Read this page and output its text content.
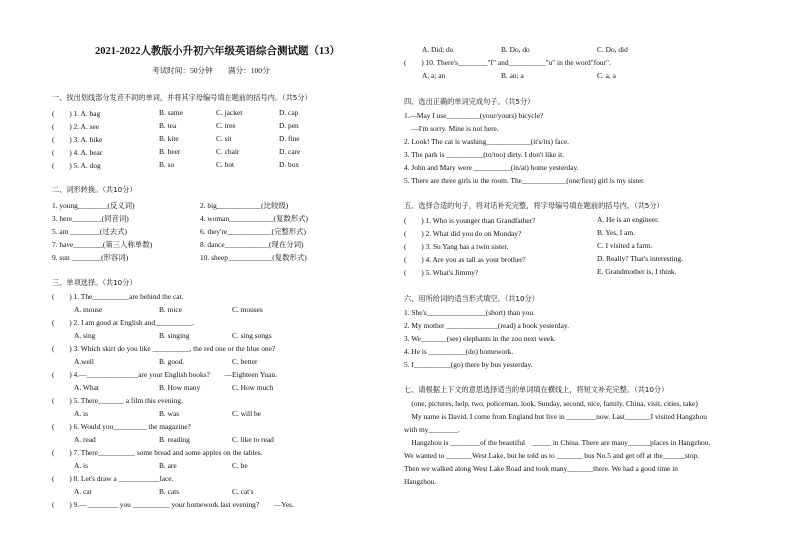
2021-2022人教版小升初六年级英语综合测试题（13）
考试时间：50分钟　　满分：100分
一、找出划线部分发音不同的单词，并将其字母编号填在题前的括号内。（共5分）
(　　) 1. A. bag	B. same	C. jacket	D. cap
(　　) 2. A. see	B. tea	C. tree	D. pen
(　　) 3. A. bike	B. kite	C. sit	D. fine
(　　) 4. A. bear	B. beer	C. chair	D. care
(　　) 5. A. dog	B. so	C. hot	D. box
二、词形转换。（共10分）
1. young________(反义词)	2. big____________(比较级)
3. here________(同音词)	4. woman____________(复数形式)
5. am ________(过去式)	6. they're____________(完整形式)
7. have________(第三人称单数)	8. dance____________(现在分词)
9. sun ________(形容词)	10. sheep____________(复数形式)
三、单项选择。（共10分）
(　　) 1. The__________are behind the cat.
A. mouse	B. mice	C. mouses
(　　) 2. I am good at English and__________.
A. sing	B. singing	C. sing songs
(　　) 3. Which skirt do you like __________, the red one or the blue one?
A.well	B. good.	C. better
(　　) 4.—______________are your English books?　　—Eighteen Yuan.
A. What	B. How many	C. How much
(　　) 5. There_______ a film this evening.
A. is	B. was	C. will be
(　　) 6. Would you_________ the magazine?
A. read	B. reading	C. like to read
(　　) 7. There__________ some bread and some apples on the tables.
A. is	B. are	C. be
(　　) 8. Let's draw a ___________face.
A. cat	B. cats	C. cat's
(　　) 9.— ________ you __________ your homework last evening?　　—Yes.
A. Did; do	B. Do, do	C. Do, did
(　　) 10. There's________"f" and__________"u" in the word"four".
A. a; an	B. an; a	C. a, a
四、选出正确的单词完成句子。（共5分）
1.—May I use_________(your/yours) bicycle?
　—I'm sorry. Mine is not here.
2. Look! The cat is washing____________(it's/its) face.
3. The park is __________(to/too) dirty. I don't like it.
4. John and Mary were __________(in/at) home yesterday.
5. There are three girls in the room. The____________(one/first) girl is my sister.
五、选择合适的句子，将对话补充完整，将字母编号填在题前的括号内。（共5分）
(　　) 1. Who is younger than Grandfather?	A. He is an engineer.
(　　) 2. What did you do on Monday?	B. Yes, I am.
(　　) 3. Su Yang has a twin sister.	C. I visited a farm.
(　　) 4. Are you as tall as your brother?	D. Really? That's interesting.
(　　) 5. What's Jimmy?	E. Grandmother is, I think.
六、用所给词的适当形式填空。（共10分）
1. She's________________(short) than you.
2. My mother ______________(read) a book yesterday.
3. We_______(see) elephants in the zoo next week.
4. He is __________(do) homework.
5. I__________(go) there by bus yesterday.
七、请根据上下文的意思选择适当的单词填在横线上，将短文补充完整。（共10分）
　(one, pictures, help, two, policeman, look, Sunday, second, nice, family, China, visit, cities, take)
　My name is David. I come from England but live in ________now. Last_______I visited Hangzhou
with my________.
　Hangzhou is ________of the beautiful　_____ in China. There are many______places in Hangzhou.
We wanted to _______West Lake, but he told us to _______ bus No.5 and get off at the______stop.
Then we walked along West Lake Road and took many_______there. We had a good time in
Hangzhou.
